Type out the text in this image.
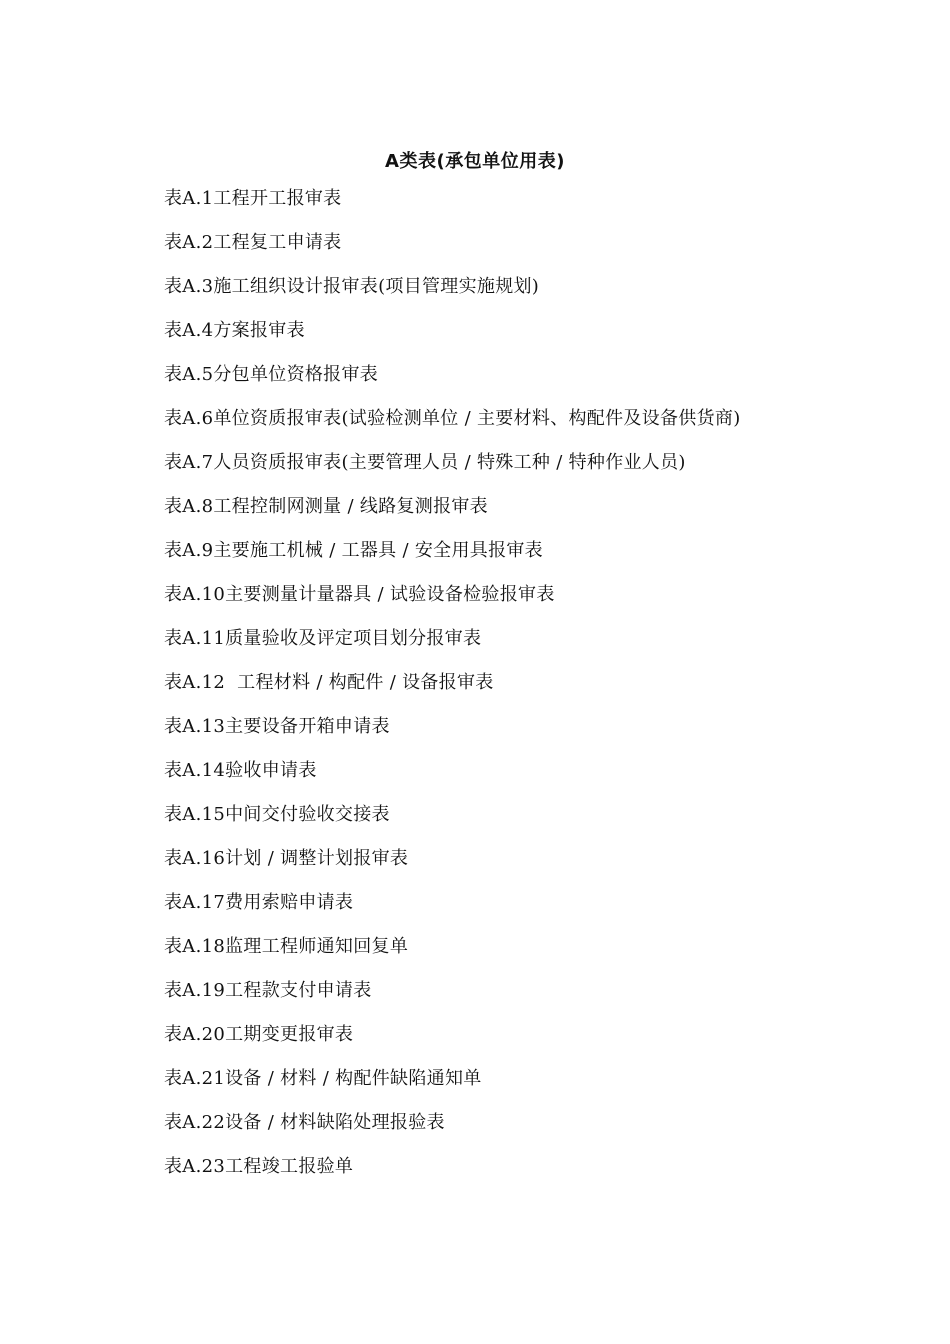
A类表(承包单位用表)
表A.1工程开工报审表
表A.2工程复工申请表
表A.3施工组织设计报审表(项目管理实施规划)
表A.4方案报审表
表A.5分包单位资格报审表
表A.6单位资质报审表(试验检测单位 / 主要材料、构配件及设备供货商)
表A.7人员资质报审表(主要管理人员 / 特殊工种 / 特种作业人员)
表A.8工程控制网测量 / 线路复测报审表
表A.9主要施工机械 / 工器具 / 安全用具报审表
表A.10主要测量计量器具 / 试验设备检验报审表
表A.11质量验收及评定项目划分报审表
表A.12  工程材料 / 构配件 / 设备报审表
表A.13主要设备开箱申请表
表A.14验收申请表
表A.15中间交付验收交接表
表A.16计划 / 调整计划报审表
表A.17费用索赔申请表
表A.18监理工程师通知回复单
表A.19工程款支付申请表
表A.20工期变更报审表
表A.21设备 / 材料 / 构配件缺陷通知单
表A.22设备 / 材料缺陷处理报验表
表A.23工程竣工报验单
